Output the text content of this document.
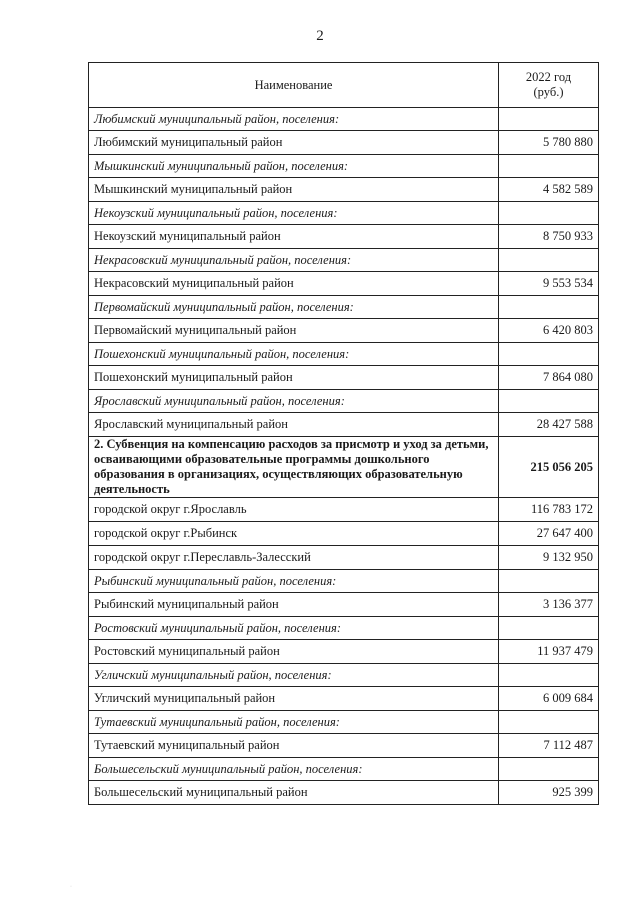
2
Наименование	2022 год
(руб.)
Любимский муниципальный район, поселения:	
Любимский муниципальный район	5 780 880
Мышкинский муниципальный район, поселения:	
Мышкинский муниципальный район	4 582 589
Некоузский муниципальный район, поселения:	
Некоузский муниципальный район	8 750 933
Некрасовский муниципальный район, поселения:	
Некрасовский муниципальный район	9 553 534
Первомайский муниципальный район, поселения:	
Первомайский муниципальный район	6 420 803
Пошехонский муниципальный район, поселения:	
Пошехонский муниципальный район	7 864 080
Ярославский муниципальный район, поселения:	
Ярославский муниципальный район	28 427 588
2. Субвенция на компенсацию расходов за присмотр и уход за детьми, осваивающими образовательные программы дошкольного образования в организациях, осуществляющих образовательную деятельность	215 056 205
городской округ г.Ярославль	116 783 172
городской округ г.Рыбинск	27 647 400
городской округ г.Переславль-Залесский	9 132 950
Рыбинский муниципальный район, поселения:	
Рыбинский муниципальный район	3 136 377
Ростовский муниципальный район, поселения:	
Ростовский муниципальный район	11 937 479
Угличский муниципальный район, поселения:	
Угличский муниципальный район	6 009 684
Тутаевский муниципальный район, поселения:	
Тутаевский муниципальный район	7 112 487
Большесельский муниципальный район, поселения:	
Большесельский муниципальный район	925 399
·
